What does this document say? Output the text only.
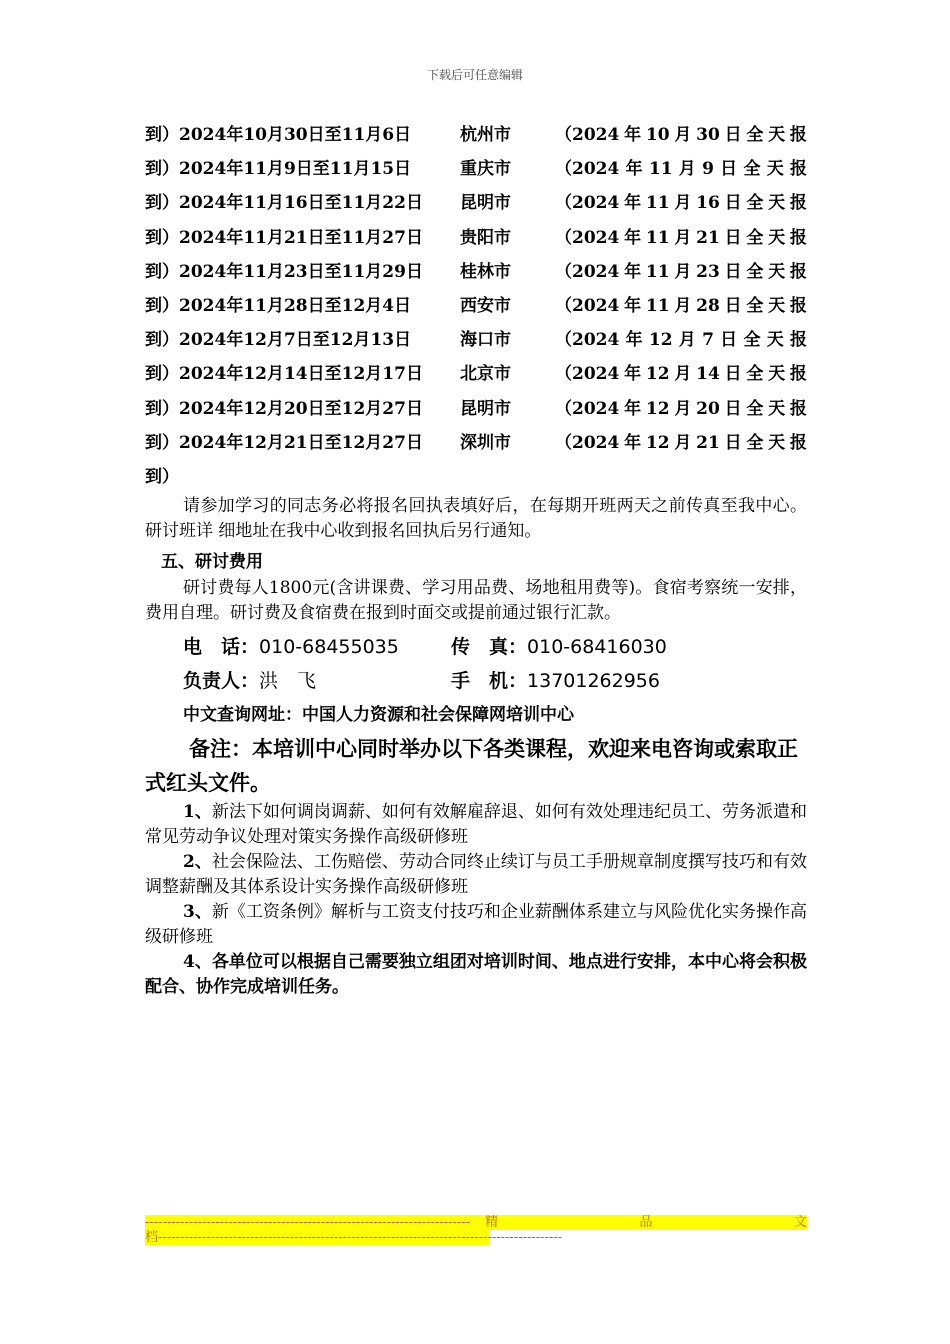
下载后可任意编辑
到）2024年10月30日至11月6日	杭州市	（2024 年 10 月 30 日 全 天 报
到）2024年11月9日至11月15日	重庆市	（2024 年 11 月 9 日 全 天 报
到）2024年11月16日至11月22日	昆明市	（2024 年 11 月 16 日 全 天 报
到）2024年11月21日至11月27日	贵阳市	（2024 年 11 月 21 日 全 天 报
到）2024年11月23日至11月29日	桂林市	（2024 年 11 月 23 日 全 天 报
到）2024年11月28日至12月4日	西安市	（2024 年 11 月 28 日 全 天 报
到）2024年12月7日至12月13日	海口市	（2024 年 12 月 7 日 全 天 报
到）2024年12月14日至12月17日	北京市	（2024 年 12 月 14 日 全 天 报
到）2024年12月20日至12月27日	昆明市	（2024 年 12 月 20 日 全 天 报
到）2024年12月21日至12月27日	深圳市	（2024 年 12 月 21 日 全 天 报
到）

请参加学习的同志务必将报名回执表填好后，在每期开班两天之前传真至我中心。研讨班详 细地址在我中心收到报名回执后另行通知。

五、研讨费用

研讨费每人1800元(含讲课费、学习用品费、场地租用费等)。食宿考察统一安排，费用自理。研讨费及食宿费在报到时面交或提前通过银行汇款。

电　话：010-68455035	传　真：010-68416030
负责人：洪　飞	手　机：13701262956
中文查询网址：中国人力资源和社会保障网培训中心

备注：本培训中心同时举办以下各类课程，欢迎来电咨询或索取正式红头文件。

1、新法下如何调岗调薪、如何有效解雇辞退、如何有效处理违纪员工、劳务派遣和常见劳动争议处理对策实务操作高级研修班

2、社会保险法、工伤赔偿、劳动合同终止续订与员工手册规章制度撰写技巧和有效调整薪酬及其体系设计实务操作高级研修班

3、新《工资条例》解析与工资支付技巧和企业薪酬体系建立与风险优化实务操作高级研修班

4、各单位可以根据自己需要独立组团对培训时间、地点进行安排，本中心将会积极配合、协作完成培训任务。

-------------------------------------------------------------------------- 精	品	文
档--------------------------------------------------------------------------------------------
